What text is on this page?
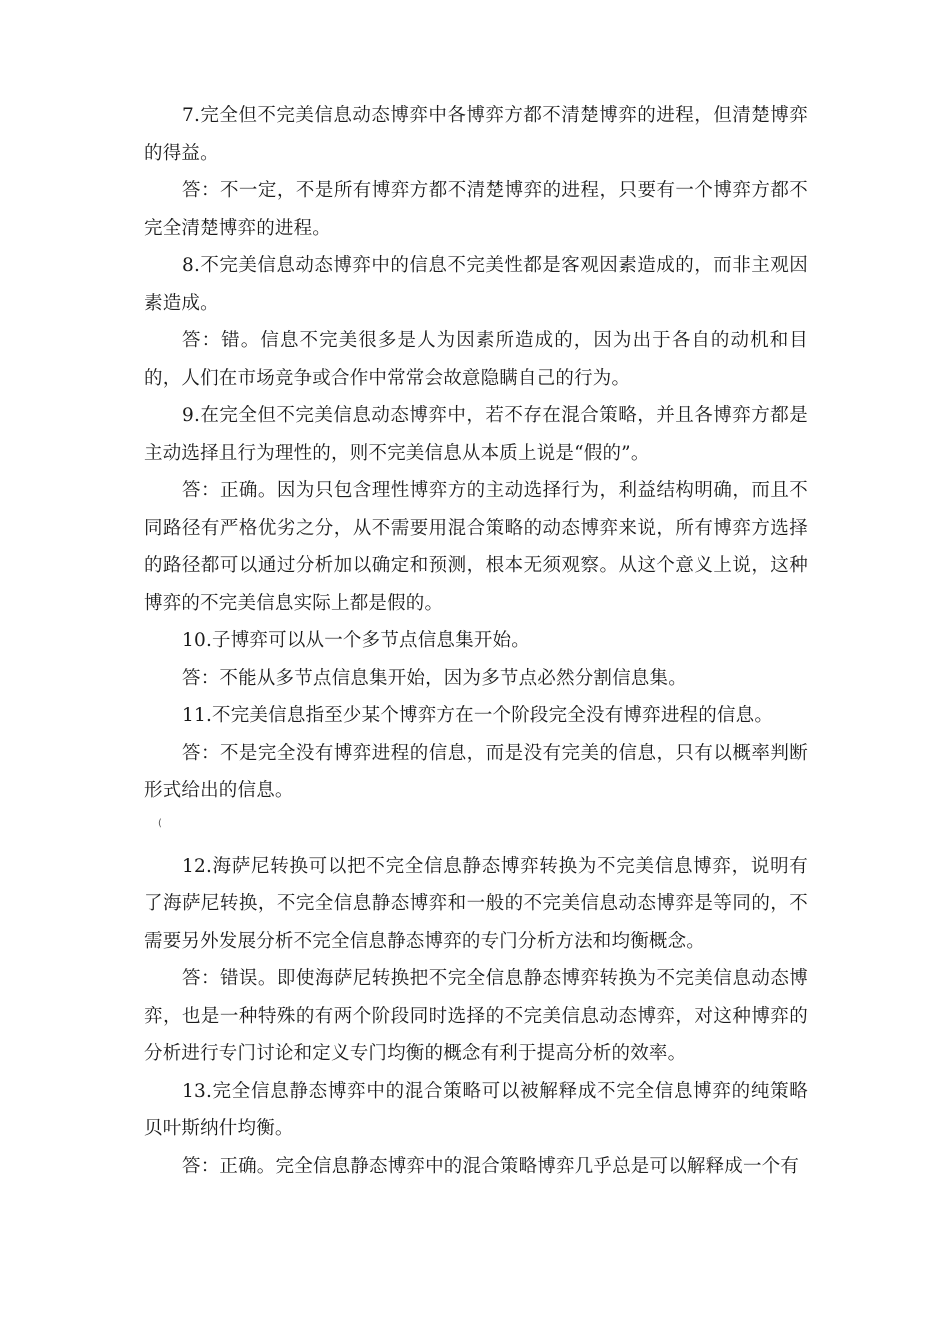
7.完全但不完美信息动态博弈中各博弈方都不清楚博弈的进程，但清楚博弈的得益。

答：不一定，不是所有博弈方都不清楚博弈的进程，只要有一个博弈方都不完全清楚博弈的进程。

8.不完美信息动态博弈中的信息不完美性都是客观因素造成的，而非主观因素造成。

答：错。信息不完美很多是人为因素所造成的，因为出于各自的动机和目的，人们在市场竞争或合作中常常会故意隐瞒自己的行为。

9.在完全但不完美信息动态博弈中，若不存在混合策略，并且各博弈方都是主动选择且行为理性的，则不完美信息从本质上说是“假的”。

答：正确。因为只包含理性博弈方的主动选择行为，利益结构明确，而且不同路径有严格优劣之分，从不需要用混合策略的动态博弈来说，所有博弈方选择的路径都可以通过分析加以确定和预测，根本无须观察。从这个意义上说，这种博弈的不完美信息实际上都是假的。

10.子博弈可以从一个多节点信息集开始。

答：不能从多节点信息集开始，因为多节点必然分割信息集。

11.不完美信息指至少某个博弈方在一个阶段完全没有博弈进程的信息。

答：不是完全没有博弈进程的信息，而是没有完美的信息，只有以概率判断形式给出的信息。

(

12.海萨尼转换可以把不完全信息静态博弈转换为不完美信息博弈，说明有了海萨尼转换，不完全信息静态博弈和一般的不完美信息动态博弈是等同的，不需要另外发展分析不完全信息静态博弈的专门分析方法和均衡概念。

答：错误。即使海萨尼转换把不完全信息静态博弈转换为不完美信息动态博弈，也是一种特殊的有两个阶段同时选择的不完美信息动态博弈，对这种博弈的分析进行专门讨论和定义专门均衡的概念有利于提高分析的效率。

13.完全信息静态博弈中的混合策略可以被解释成不完全信息博弈的纯策略贝叶斯纳什均衡。

答：正确。完全信息静态博弈中的混合策略博弈几乎总是可以解释成一个有
